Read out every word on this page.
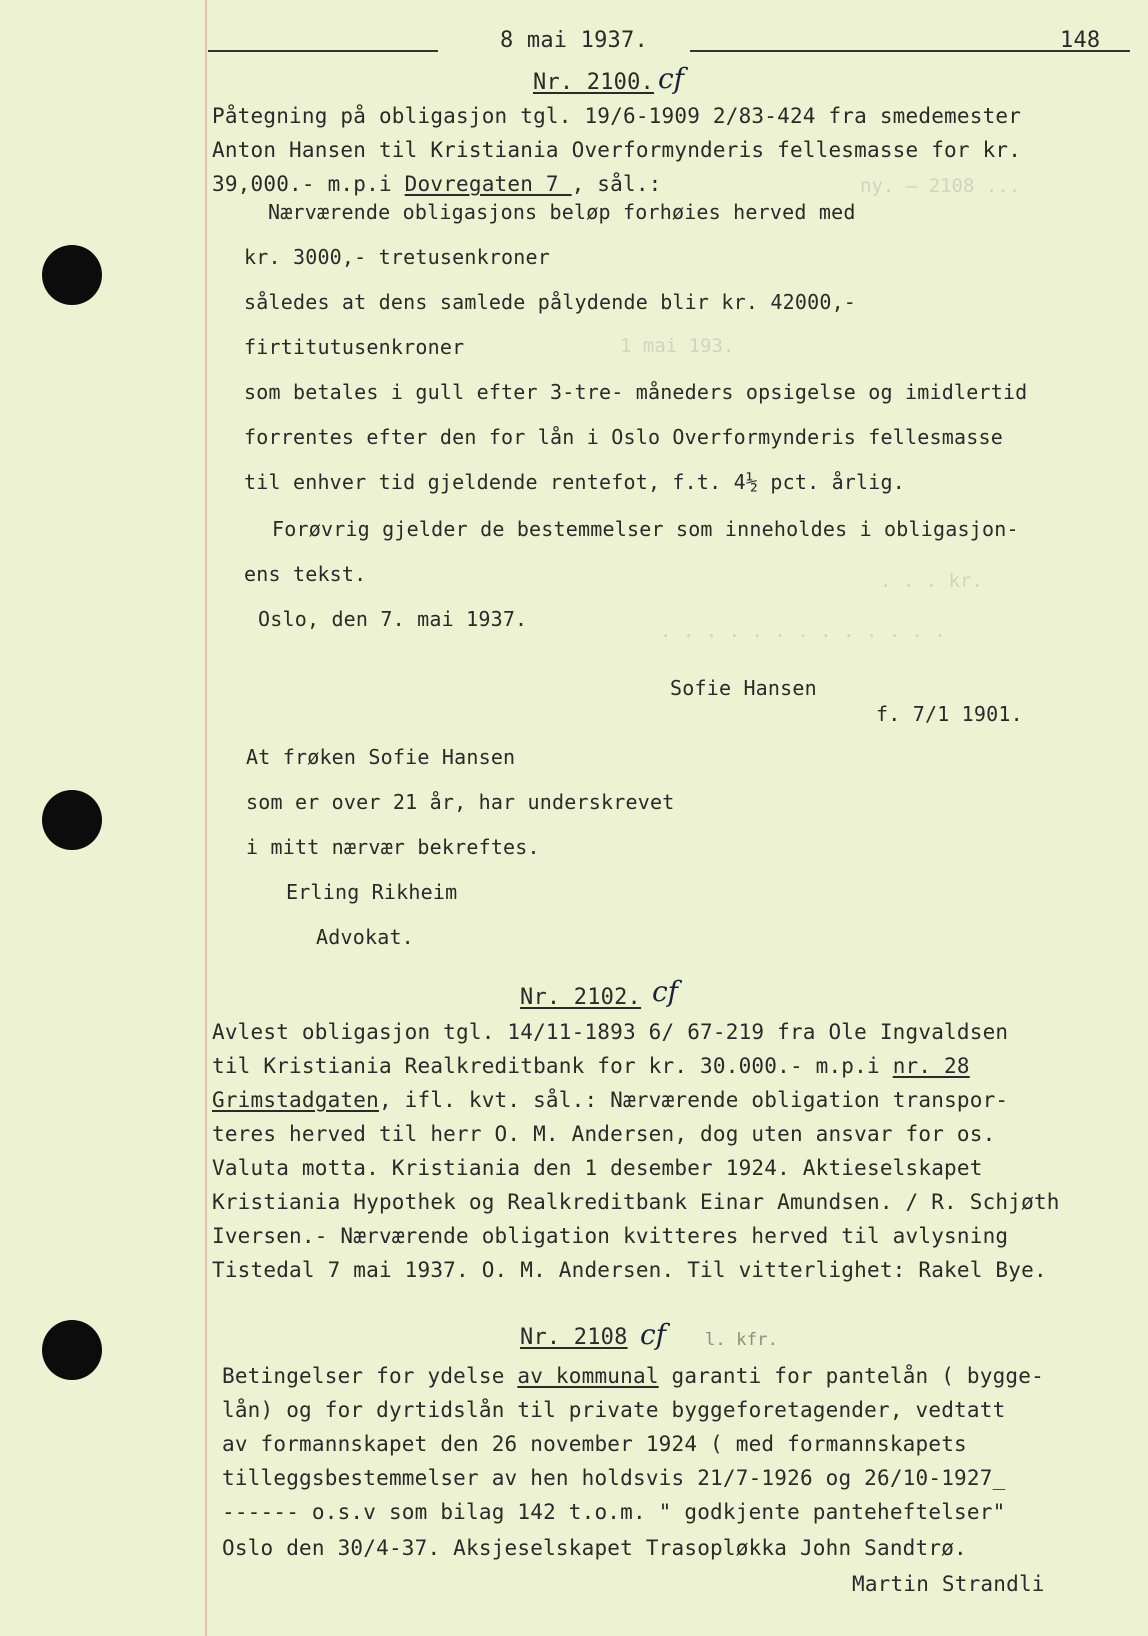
8 mai 1937.	148
ny. — 2108 ...
1 mai 193.
. . . kr.
. . . . . . . . . . . . .
Nr. 2100. cf
Påtegning på obligasjon tgl. 19/6-1909 2/83-424 fra smedemester
Anton Hansen til Kristiania Overformynderis fellesmasse for kr.
39,000.- m.p.i Dovregaten 7 , sål.:
Nærværende obligasjons beløp forhøies herved med
kr. 3000,- tretusenkroner
således at dens samlede pålydende blir kr. 42000,-
firtitutusenkroner
som betales i gull efter 3-tre- måneders opsigelse og imidlertid
forrentes efter den for lån i Oslo Overformynderis fellesmasse
til enhver tid gjeldende rentefot, f.t. 4½ pct. årlig.
Forøvrig gjelder de bestemmelser som inneholdes i obligasjon-
ens tekst.
Oslo, den 7. mai 1937.
Sofie Hansen
f. 7/1 1901.
At frøken Sofie Hansen
som er over 21 år, har underskrevet
i mitt nærvær bekreftes.
Erling Rikheim
Advokat.
Nr. 2102. cf
Avlest obligasjon tgl. 14/11-1893 6/ 67-219 fra Ole Ingvaldsen
til Kristiania Realkreditbank for kr. 30.000.- m.p.i nr. 28
Grimstadgaten, ifl. kvt. sål.: Nærværende obligation transpor-
teres herved til herr O. M. Andersen, dog uten ansvar for os.
Valuta motta. Kristiania den 1 desember 1924. Aktieselskapet
Kristiania Hypothek og Realkreditbank Einar Amundsen. / R. Schjøth
Iversen.- Nærværende obligation kvitteres herved til avlysning
Tistedal 7 mai 1937. O. M. Andersen. Til vitterlighet: Rakel Bye.
Nr. 2108 cf l. kfr.
Betingelser for ydelse av kommunal garanti for pantelån ( bygge-
lån) og for dyrtidslån til private byggeforetagender, vedtatt
av formannskapet den 26 november 1924 ( med formannskapets
tilleggsbestemmelser av hen holdsvis 21/7-1926 og 26/10-1927_
------ o.s.v som bilag 142 t.o.m. " godkjente panteheftelser"
Oslo den 30/4-37. Aksjeselskapet Trasopløkka John Sandtrø.
Martin Strandli
